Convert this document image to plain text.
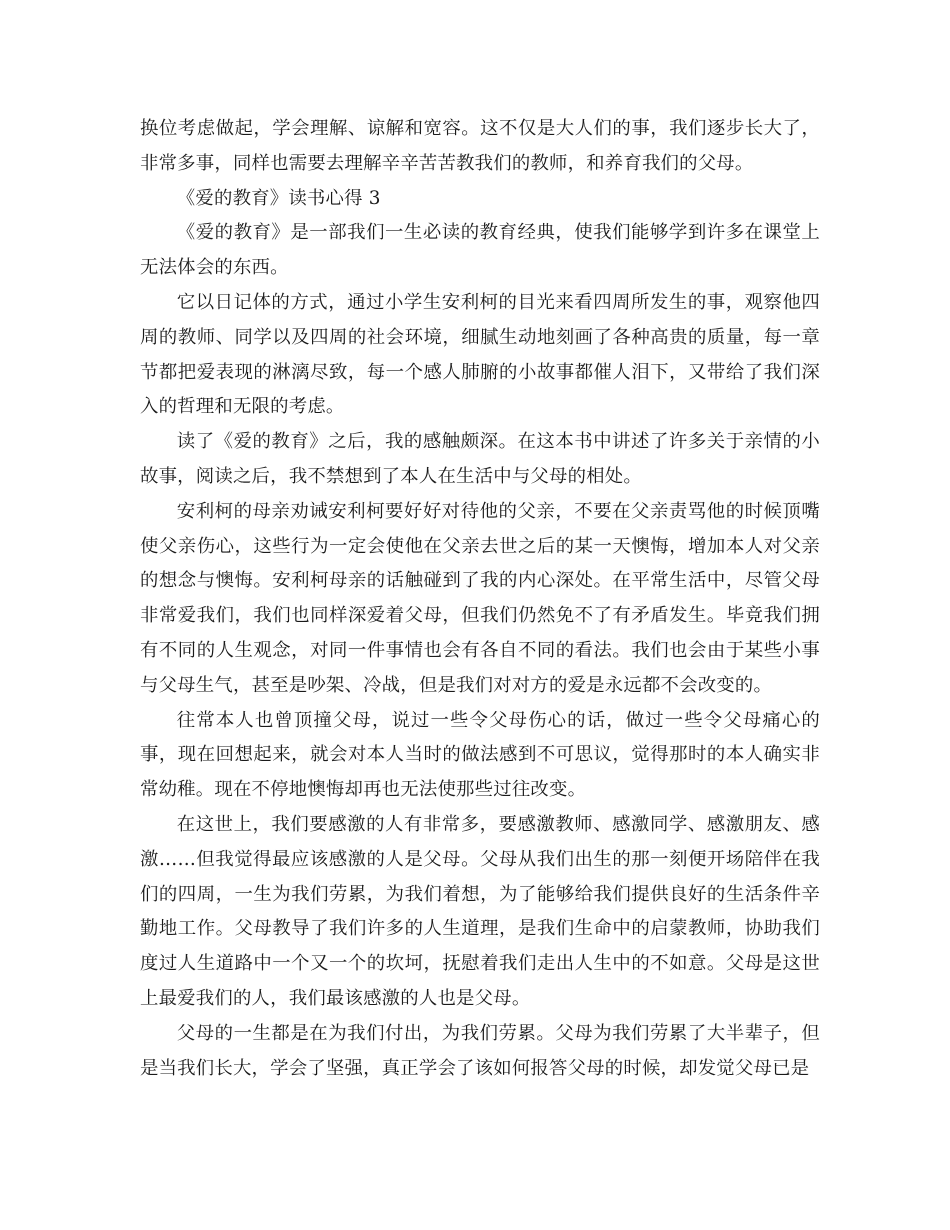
换位考虑做起，学会理解、谅解和宽容。这不仅是大人们的事，我们逐步长大了，非常多事，同样也需要去理解辛辛苦苦教我们的教师，和养育我们的父母。

《爱的教育》读书心得 3

《爱的教育》是一部我们一生必读的教育经典，使我们能够学到许多在课堂上无法体会的东西。

它以日记体的方式，通过小学生安利柯的目光来看四周所发生的事，观察他四周的教师、同学以及四周的社会环境，细腻生动地刻画了各种高贵的质量，每一章节都把爱表现的淋漓尽致，每一个感人肺腑的小故事都催人泪下，又带给了我们深入的哲理和无限的考虑。

读了《爱的教育》之后，我的感触颇深。在这本书中讲述了许多关于亲情的小故事，阅读之后，我不禁想到了本人在生活中与父母的相处。

安利柯的母亲劝诫安利柯要好好对待他的父亲，不要在父亲责骂他的时候顶嘴使父亲伤心，这些行为一定会使他在父亲去世之后的某一天懊悔，增加本人对父亲的想念与懊悔。安利柯母亲的话触碰到了我的内心深处。在平常生活中，尽管父母非常爱我们，我们也同样深爱着父母，但我们仍然免不了有矛盾发生。毕竟我们拥有不同的人生观念，对同一件事情也会有各自不同的看法。我们也会由于某些小事与父母生气，甚至是吵架、冷战，但是我们对对方的爱是永远都不会改变的。

往常本人也曾顶撞父母，说过一些令父母伤心的话，做过一些令父母痛心的事，现在回想起来，就会对本人当时的做法感到不可思议，觉得那时的本人确实非常幼稚。现在不停地懊悔却再也无法使那些过往改变。

在这世上，我们要感激的人有非常多，要感激教师、感激同学、感激朋友、感激……但我觉得最应该感激的人是父母。父母从我们出生的那一刻便开场陪伴在我们的四周，一生为我们劳累，为我们着想，为了能够给我们提供良好的生活条件辛勤地工作。父母教导了我们许多的人生道理，是我们生命中的启蒙教师，协助我们度过人生道路中一个又一个的坎坷，抚慰着我们走出人生中的不如意。父母是这世上最爱我们的人，我们最该感激的人也是父母。

父母的一生都是在为我们付出，为我们劳累。父母为我们劳累了大半辈子，但是当我们长大，学会了坚强，真正学会了该如何报答父母的时候，却发觉父母已是
